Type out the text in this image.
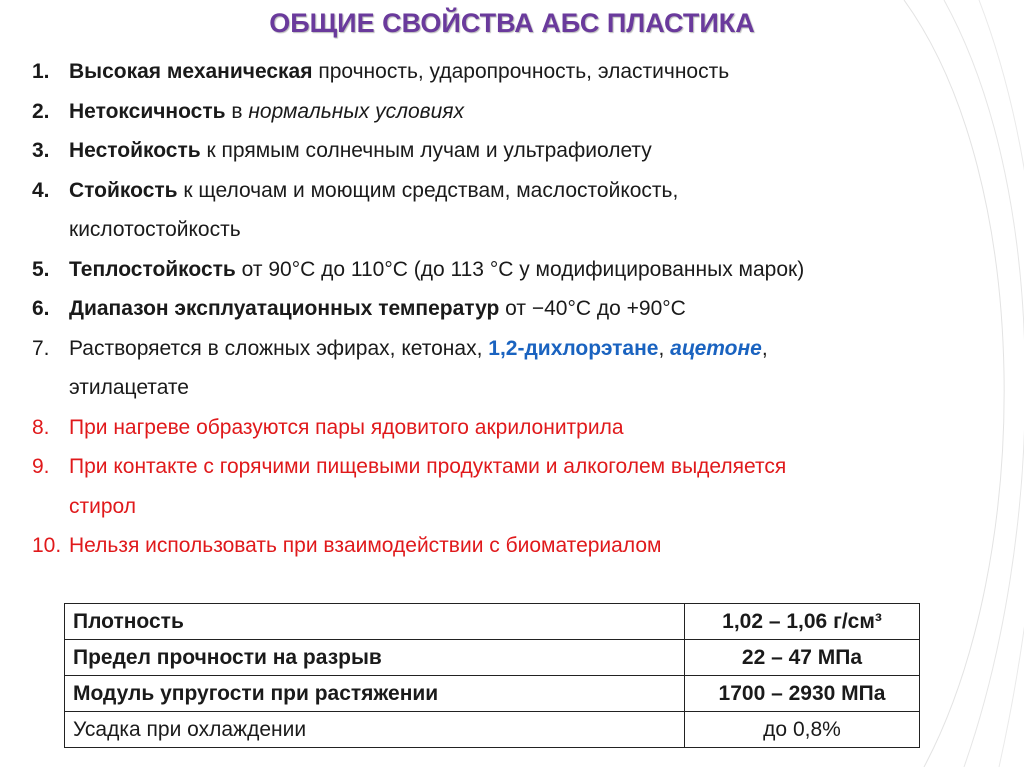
ОБЩИЕ СВОЙСТВА АБС ПЛАСТИКА
1. Высокая механическая прочность, ударопрочность, эластичность
2. Нетоксичность в нормальных условиях
3. Нестойкость к прямым солнечным лучам и ультрафиолету
4. Стойкость к щелочам и моющим средствам, маслостойкость,
кислотостойкость
5. Теплостойкость от 90°С до 110°С (до 113 °С у модифицированных марок)
6. Диапазон эксплуатационных температур от −40°С до +90°С
7. Растворяется в сложных эфирах, кетонах, 1,2-дихлорэтане, ацетоне,
этилацетате
8. При нагреве образуются пары ядовитого акрилонитрила
9. При контакте с горячими пищевыми продуктами и алкоголем выделяется
стирол
10. Нельзя использовать при взаимодействии с биоматериалом
Плотность	1,02 – 1,06 г/см³
Предел прочности на разрыв	22 – 47 МПа
Модуль упругости при растяжении	1700 – 2930 МПа
Усадка при охлаждении	до 0,8%
